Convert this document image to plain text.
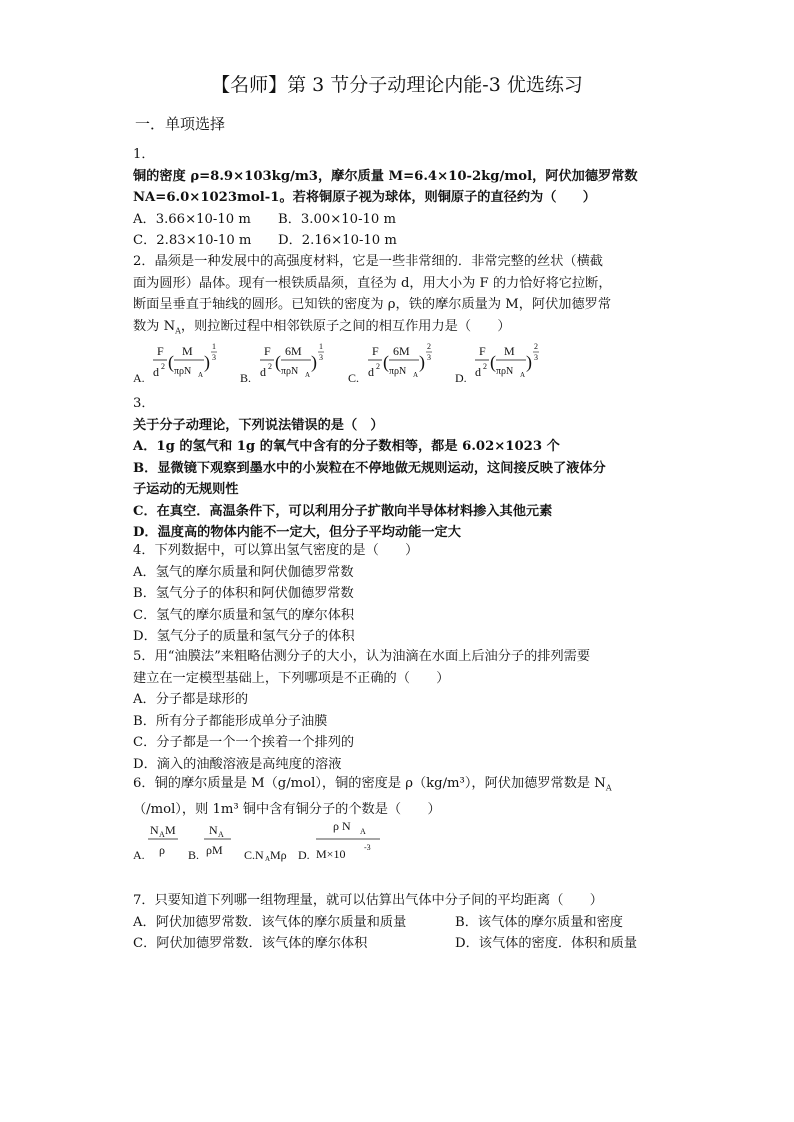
【名师】第 3 节分子动理论内能-3 优选练习
一．单项选择

1．

铜的密度 ρ=8.9×103kg/m3，摩尔质量 M=6.4×10-2kg/mol，阿伏加德罗常数

NA=6.0×1023mol-1。若将铜原子视为球体，则铜原子的直径约为（　　）

A．3.66×10-10 m	B．3.00×10-10 m

C．2.83×10-10 m	D．2.16×10-10 m

2．晶须是一种发展中的高强度材料，它是一些非常细的．非常完整的丝状（横截

面为圆形）晶体。现有一根铁质晶须，直径为 d，用大小为 F 的力恰好将它拉断，

断面呈垂直于轴线的圆形。已知铁的密度为 ρ，铁的摩尔质量为 M，阿伏加德罗常

数为 $N_A$，则拉断过程中相邻铁原子之间的相互作用力是（　　）

A.
F
d 2 (
M
πρN A
)
1
3
B.
F
d 2 (
6M
πρN A
)
1
3
C.
F
d 2 (
6M
πρN A
)
2
3
D.
F
d 2 (
M
πρN A
)
2
3

3．

关于分子动理论，下列说法错误的是（　）

A．1g 的氢气和 1g 的氧气中含有的分子数相等，都是 6.02×1023 个

B．显微镜下观察到墨水中的小炭粒在不停地做无规则运动，这间接反映了液体分

子运动的无规则性

C．在真空．高温条件下，可以利用分子扩散向半导体材料掺入其他元素

D．温度高的物体内能不一定大，但分子平均动能一定大

4．下列数据中，可以算出氢气密度的是（　　）

A．氢气的摩尔质量和阿伏伽德罗常数

B．氢气分子的体积和阿伏伽德罗常数

C．氢气的摩尔质量和氢气的摩尔体积

D．氢气分子的质量和氢气分子的体积

5．用“油膜法”来粗略估测分子的大小，认为油滴在水面上后油分子的排列需要

建立在一定模型基础上，下列哪项是不正确的（　　）

A．分子都是球形的

B．所有分子都能形成单分子油膜

C．分子都是一个一个挨着一个排列的

D．滴入的油酸溶液是高纯度的溶液

6．铜的摩尔质量是 M（g/mol），铜的密度是 ρ（kg/m³），阿伏加德罗常数是 $N_A$

（/mol），则 1m³ 铜中含有铜分子的个数是（　　）

A.
N A M
ρ B.
N A
ρM C.N A Mρ D.
ρ N A
M×10 -3

7．只要知道下列哪一组物理量，就可以估算出气体中分子间的平均距离（　　）

A．阿伏加德罗常数．该气体的摩尔质量和质量	B．该气体的摩尔质量和密度

C．阿伏加德罗常数．该气体的摩尔体积	D．该气体的密度．体积和质量
